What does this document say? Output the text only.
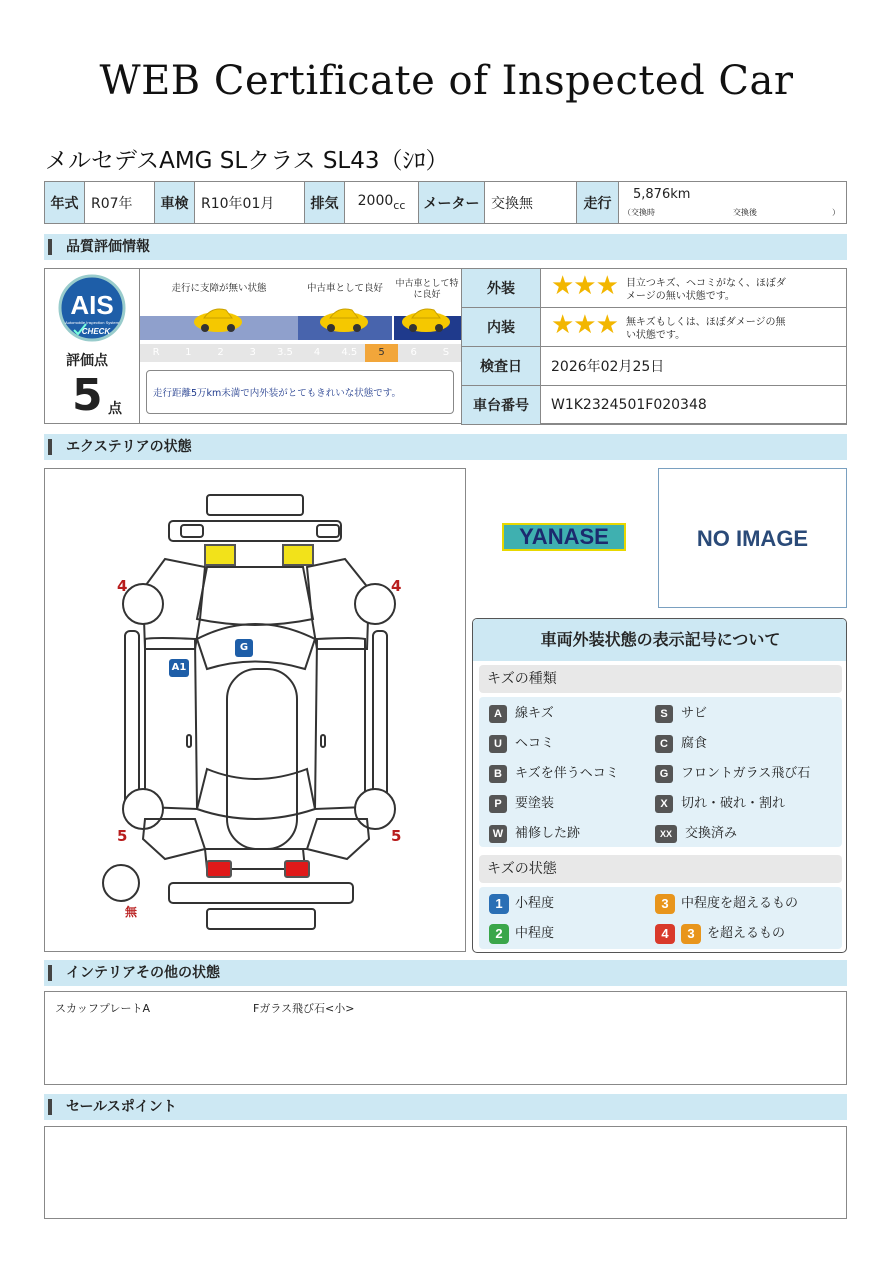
WEB Certificate of Inspected Car
メルセデスAMG SLクラス SL43（ｼﾛ）
年式	R07年	車検	R10年01月	排気	$2000_{cc}$	メーター	交換無	走行	
5,876km
（交換時	交換後	）
品質評価情報
AIS
Automobile Inspection System
CHECK
評価点
5 点
走行に支障が無い状態	中古車として良好	中古車として特に良好
R	1	2	3	3.5	4	4.5	5	6	S
走行距離5万km未満で内外装がとてもきれいな状態です。
外装	★★★ 目立つキズ、ヘコミがなく、ほぼダメージの無い状態です。
内装	★★★ 無キズもしくは、ほぼダメージの無い状態です。
検査日	2026年02月25日
車台番号	W1K2324501F020348
エクステリアの状態
4	4
5	5
無
A1
G
YANASE	NO IMAGE
車両外装状態の表示記号について
キズの種類
A	線キズ	S	サビ
U	ヘコミ	C	腐食
B	キズを伴うヘコミ	G フロントガラス飛び石
P	要塗装	X	切れ・破れ・割れ
W 補修した跡	XX	交換済み
キズの状態
1 小程度	3 中程度を超えるもの
2 中程度	4	3 を超えるもの
インテリアその他の状態
スカッフプレートA	Fガラス飛び石<小>
セールスポイント
